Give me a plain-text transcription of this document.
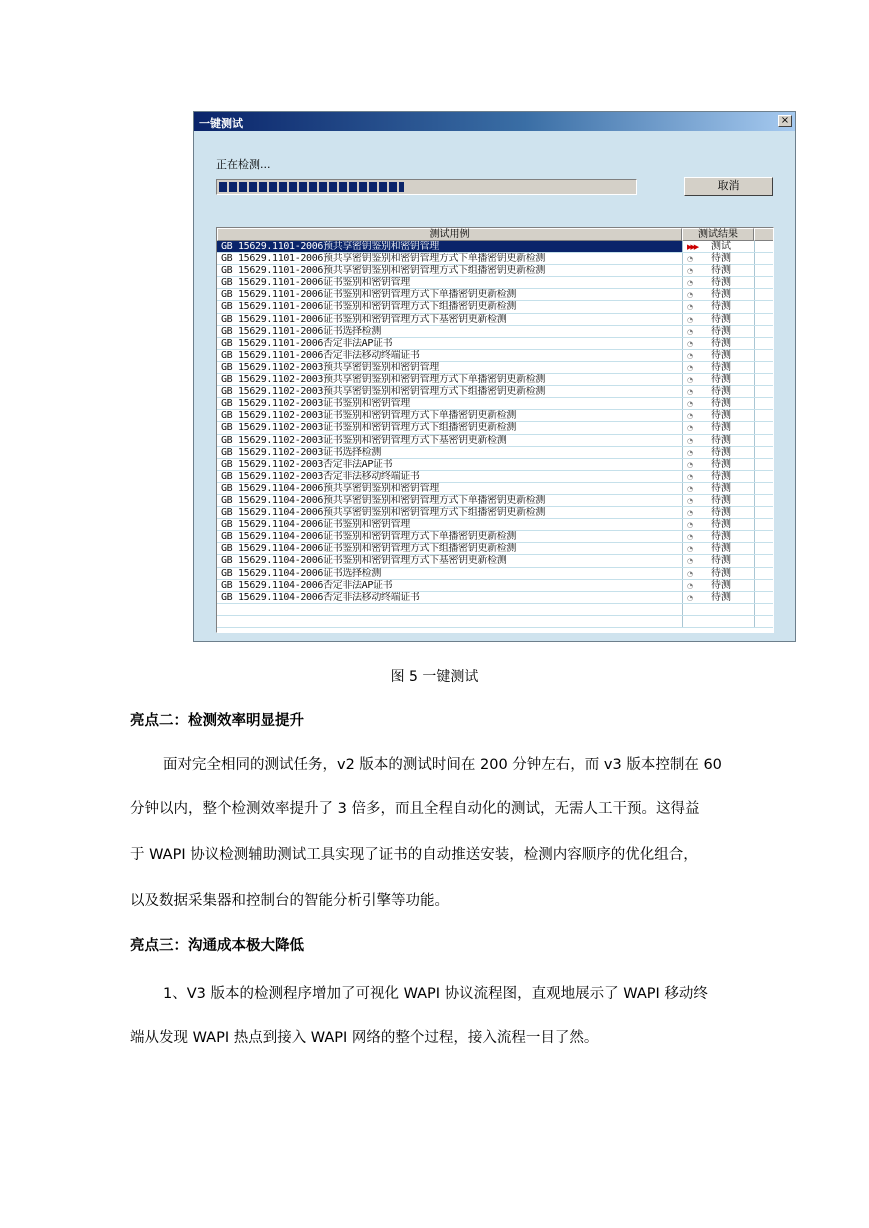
一键测试	×
正在检测...
取消
测试用例	测试结果
GB 15629.1101-2006预共享密钥鉴别和密钥管理	▶▶▶ 测试
GB 15629.1101-2006预共享密钥鉴别和密钥管理方式下单播密钥更新检测	◔ 待测
GB 15629.1101-2006预共享密钥鉴别和密钥管理方式下组播密钥更新检测	◔ 待测
GB 15629.1101-2006证书鉴别和密钥管理	◔ 待测
GB 15629.1101-2006证书鉴别和密钥管理方式下单播密钥更新检测	◔ 待测
GB 15629.1101-2006证书鉴别和密钥管理方式下组播密钥更新检测	◔ 待测
GB 15629.1101-2006证书鉴别和密钥管理方式下基密钥更新检测	◔ 待测
GB 15629.1101-2006证书选择检测	◔ 待测
GB 15629.1101-2006否定非法AP证书	◔ 待测
GB 15629.1101-2006否定非法移动终端证书	◔ 待测
GB 15629.1102-2003预共享密钥鉴别和密钥管理	◔ 待测
GB 15629.1102-2003预共享密钥鉴别和密钥管理方式下单播密钥更新检测	◔ 待测
GB 15629.1102-2003预共享密钥鉴别和密钥管理方式下组播密钥更新检测	◔ 待测
GB 15629.1102-2003证书鉴别和密钥管理	◔ 待测
GB 15629.1102-2003证书鉴别和密钥管理方式下单播密钥更新检测	◔ 待测
GB 15629.1102-2003证书鉴别和密钥管理方式下组播密钥更新检测	◔ 待测
GB 15629.1102-2003证书鉴别和密钥管理方式下基密钥更新检测	◔ 待测
GB 15629.1102-2003证书选择检测	◔ 待测
GB 15629.1102-2003否定非法AP证书	◔ 待测
GB 15629.1102-2003否定非法移动终端证书	◔ 待测
GB 15629.1104-2006预共享密钥鉴别和密钥管理	◔ 待测
GB 15629.1104-2006预共享密钥鉴别和密钥管理方式下单播密钥更新检测	◔ 待测
GB 15629.1104-2006预共享密钥鉴别和密钥管理方式下组播密钥更新检测	◔ 待测
GB 15629.1104-2006证书鉴别和密钥管理	◔ 待测
GB 15629.1104-2006证书鉴别和密钥管理方式下单播密钥更新检测	◔ 待测
GB 15629.1104-2006证书鉴别和密钥管理方式下组播密钥更新检测	◔ 待测
GB 15629.1104-2006证书鉴别和密钥管理方式下基密钥更新检测	◔ 待测
GB 15629.1104-2006证书选择检测	◔ 待测
GB 15629.1104-2006否定非法AP证书	◔ 待测
GB 15629.1104-2006否定非法移动终端证书	◔ 待测
图 5 一键测试
亮点二：检测效率明显提升
面对完全相同的测试任务，v2 版本的测试时间在 200 分钟左右，而 v3 版本控制在 60
分钟以内，整个检测效率提升了 3 倍多，而且全程自动化的测试，无需人工干预。这得益
于 WAPI 协议检测辅助测试工具实现了证书的自动推送安装，检测内容顺序的优化组合，
以及数据采集器和控制台的智能分析引擎等功能。
亮点三：沟通成本极大降低
1、V3 版本的检测程序增加了可视化 WAPI 协议流程图，直观地展示了 WAPI 移动终
端从发现 WAPI 热点到接入 WAPI 网络的整个过程，接入流程一目了然。
